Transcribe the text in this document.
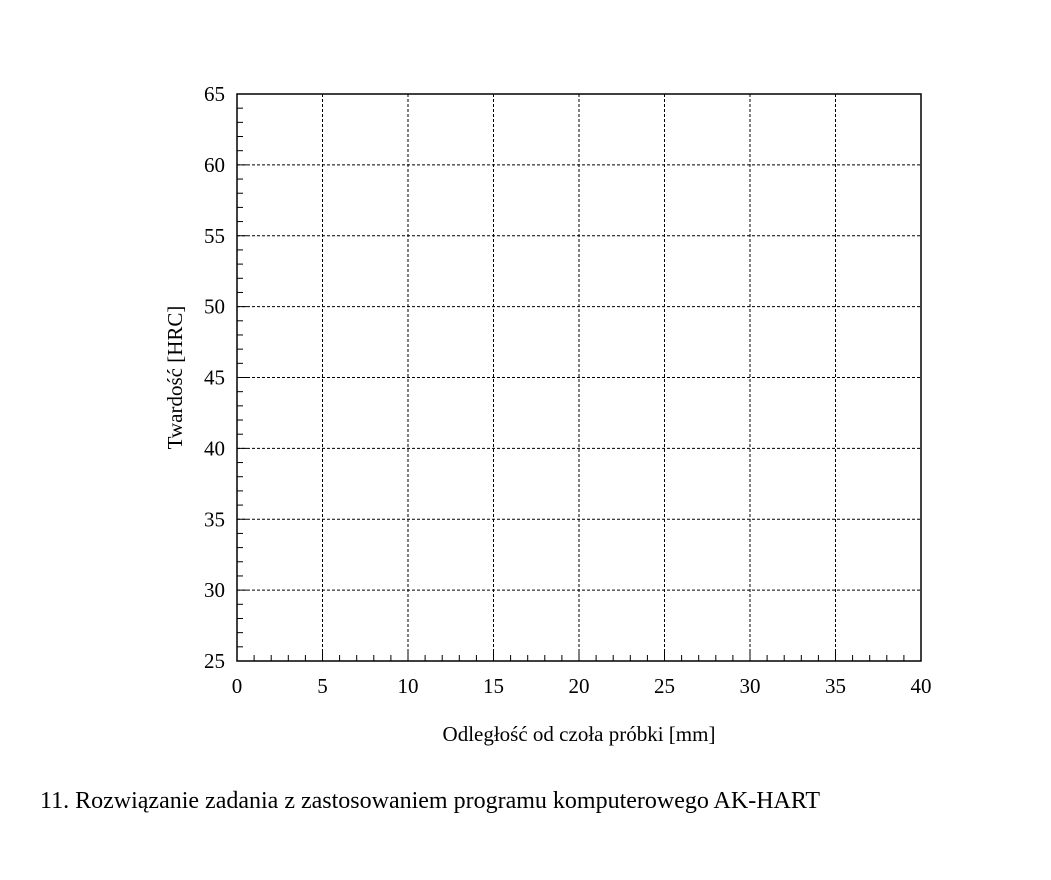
0	5	10	15	20	25	30	35	40
25
30
35
40
45
50
55
60
65
Odległość od czoła próbki [mm]
Twardość [HRC]
11. Rozwiązanie zadania z zastosowaniem programu komputerowego AK-HART
